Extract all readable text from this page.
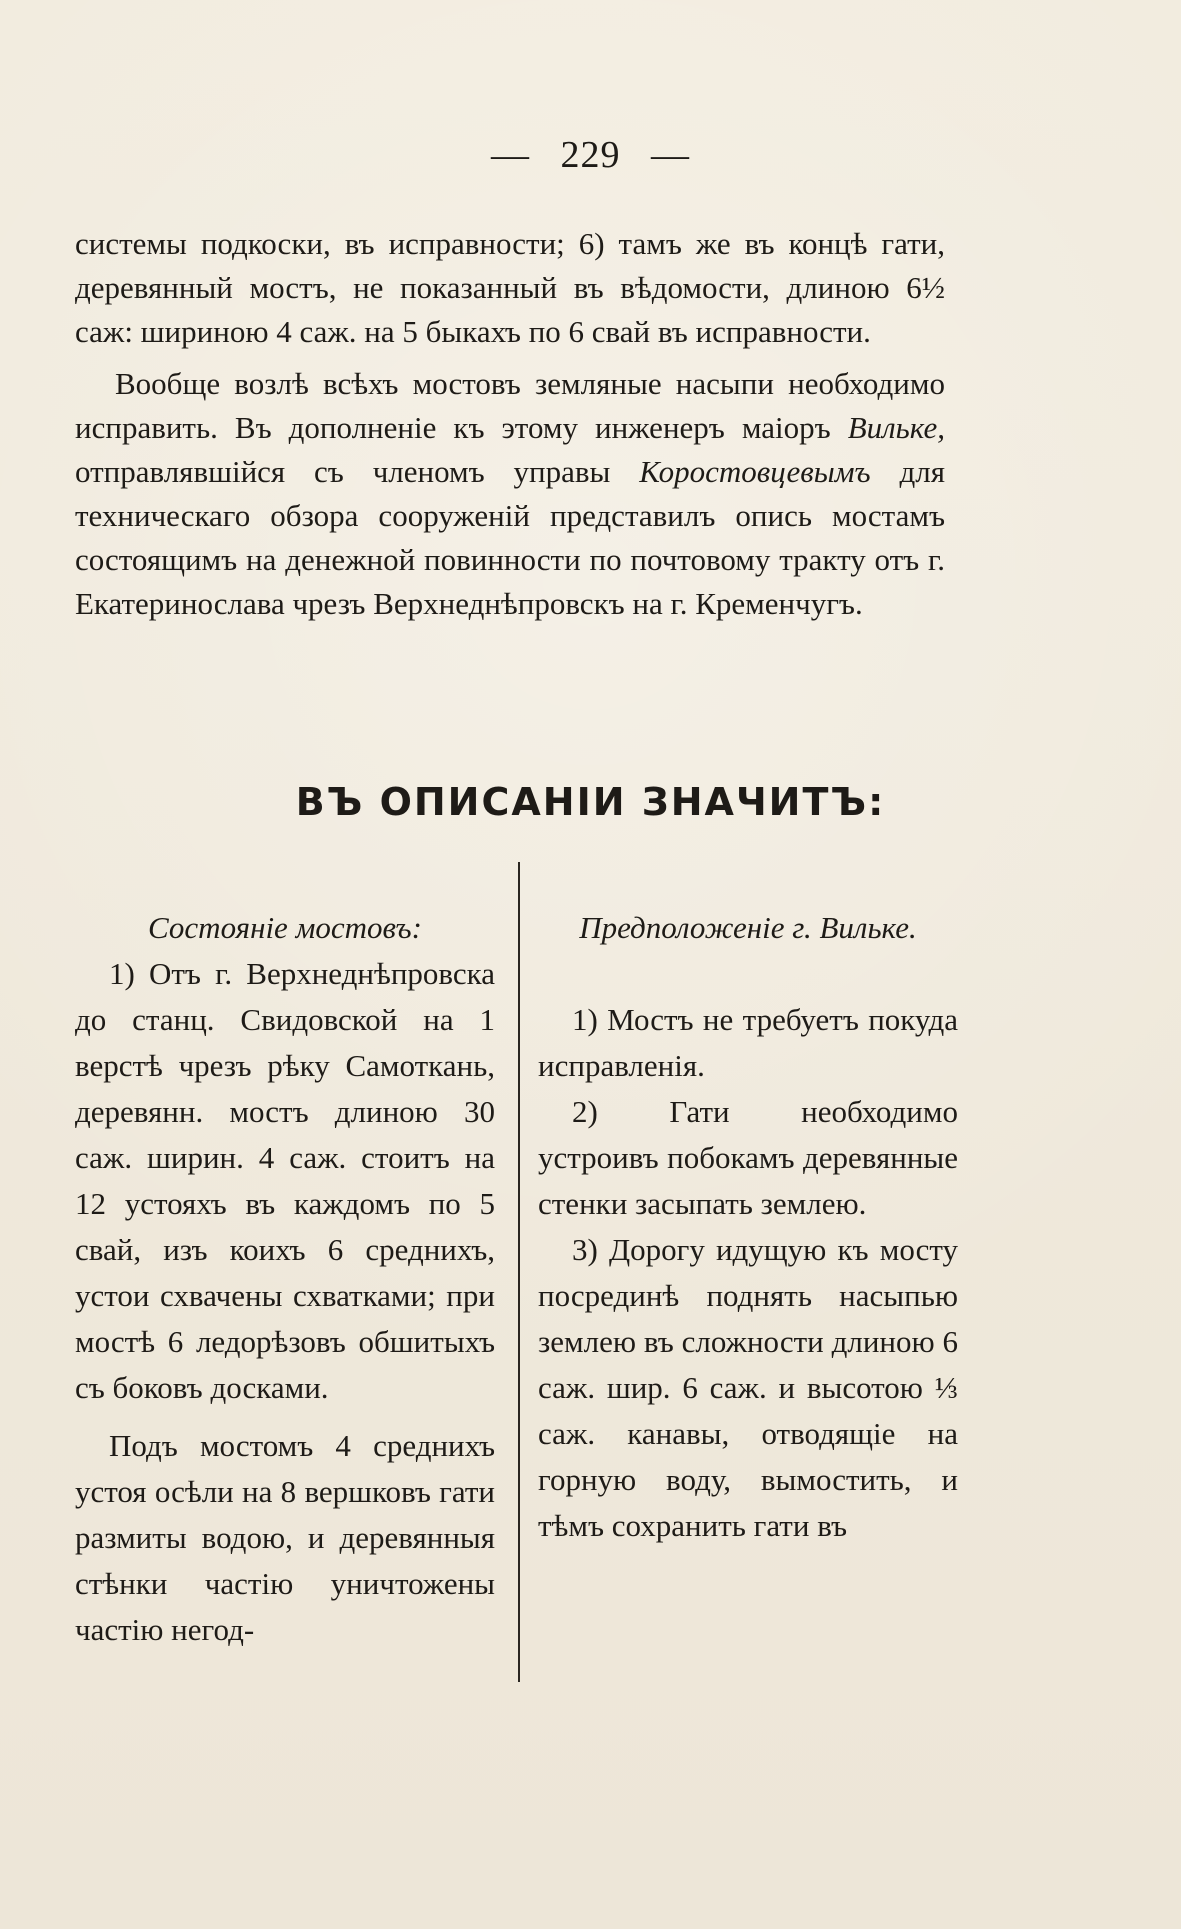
— 229 —

системы подкоски, въ исправности; 6) тамъ же въ концѣ гати, деревянный мостъ, не показанный въ вѣдомости, длиною 6½ саж: шириною 4 саж. на 5 быкахъ по 6 свай въ исправности.

Вообще возлѣ всѣхъ мостовъ земляные насыпи необходимо исправить. Въ дополненіе къ этому инженеръ маіоръ Вильке, отправлявшійся съ членомъ управы Коростовцевымъ для техническаго обзора сооруженій представилъ опись мостамъ состоящимъ на денежной повинности по почтовому тракту отъ г. Екатеринослава чрезъ Верхнеднѣпровскъ на г. Кременчугъ.

ВЪ ОПИСАНІИ ЗНАЧИТЪ:

Состояніе мостовъ:

1) Отъ г. Верхнеднѣпровска до станц. Свидовской на 1 верстѣ чрезъ рѣку Самоткань, деревянн. мостъ длиною 30 саж. ширин. 4 саж. стоитъ на 12 устояхъ въ каждомъ по 5 свай, изъ коихъ 6 среднихъ, устои схвачены схватками; при мостѣ 6 ледорѣзовъ обшитыхъ съ боковъ досками.

Подъ мостомъ 4 среднихъ устоя осѣли на 8 вершковъ гати размиты водою, и деревянныя стѣнки частію уничтожены частію негод-

Предположеніе г. Вильке.

1) Мостъ не требуетъ покуда исправленія.

2) Гати необходимо устроивъ побокамъ деревянные стенки засыпать землею.

3) Дорогу идущую къ мосту посрединѣ поднять насыпью землею въ сложности длиною 6 саж. шир. 6 саж. и высотою ⅓ саж. канавы, отводящіе на горную воду, вымостить, и тѣмъ сохранить гати въ
